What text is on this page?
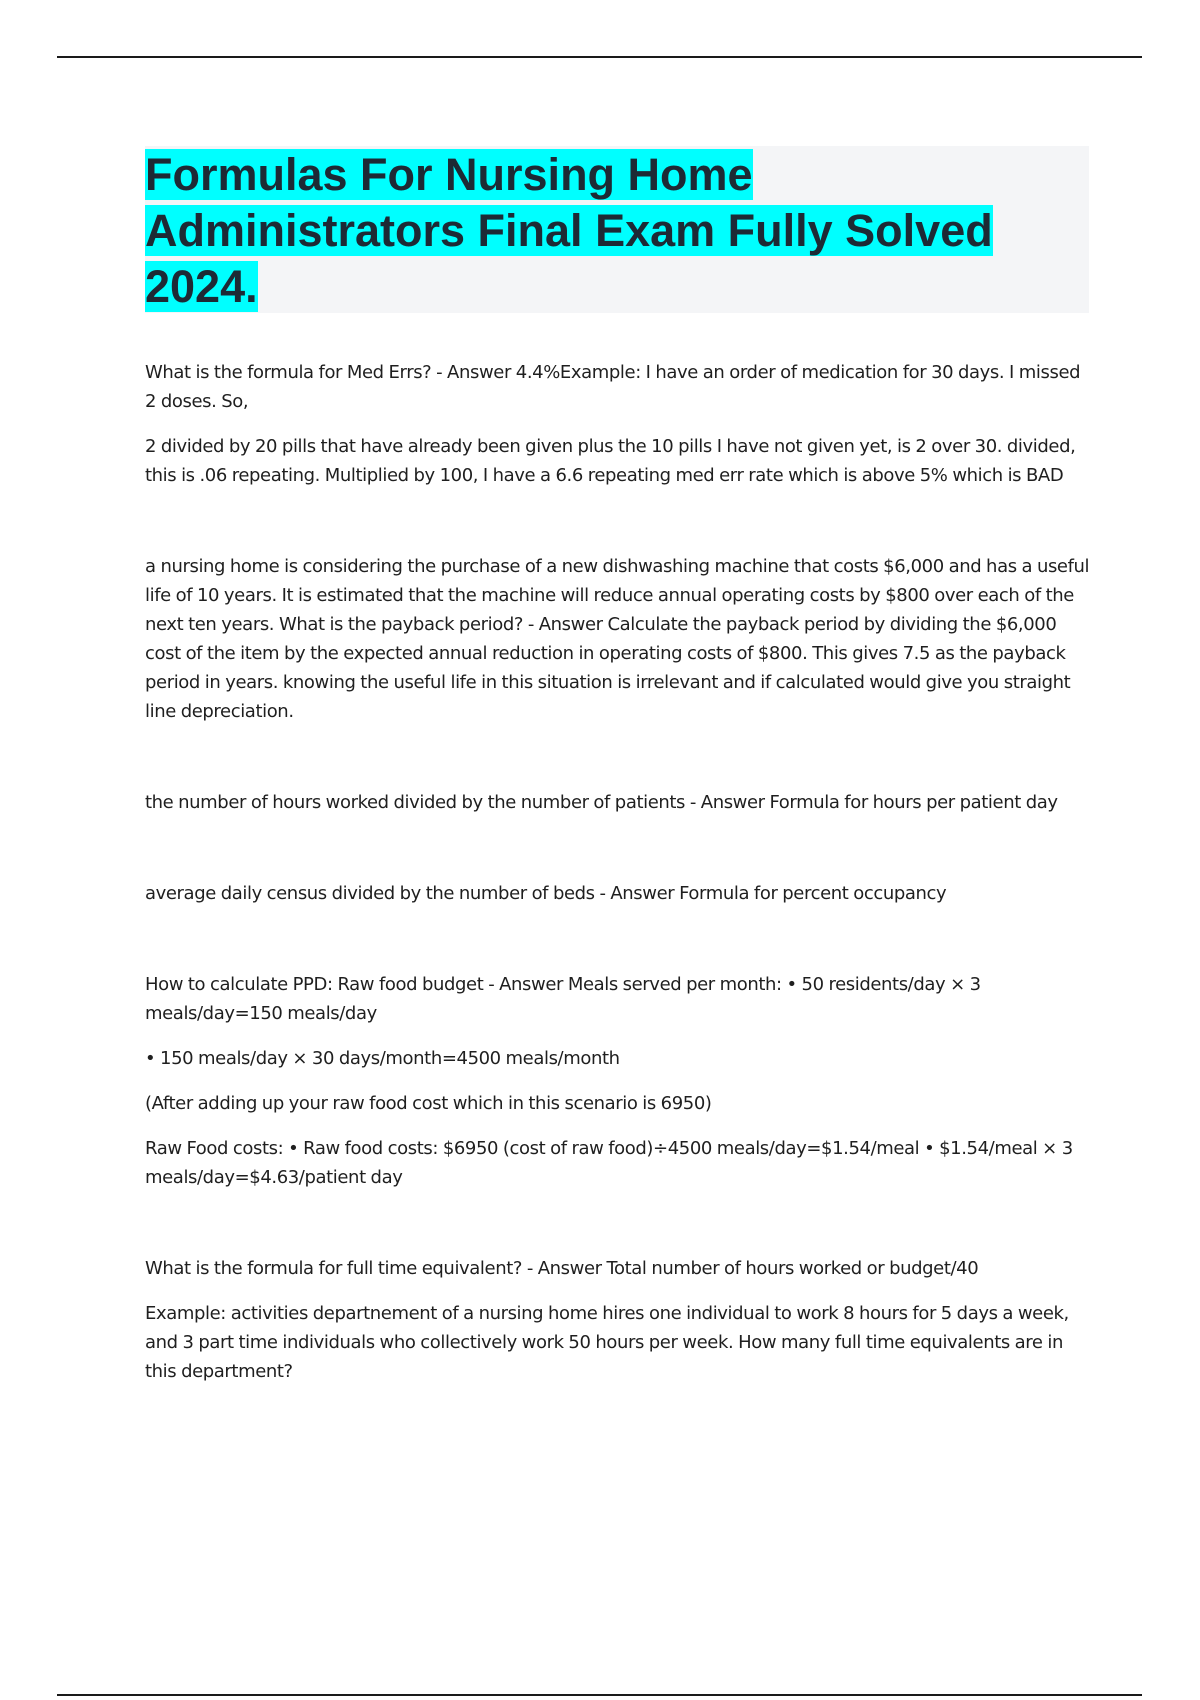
Formulas For Nursing Home
Administrators Final Exam Fully Solved
2024.

What is the formula for Med Errs? - Answer 4.4%Example: I have an order of medication for 30 days. I missed 2 doses. So,

2 divided by 20 pills that have already been given plus the 10 pills I have not given yet, is 2 over 30. divided, this is .06 repeating. Multiplied by 100, I have a 6.6 repeating med err rate which is above 5% which is BAD

a nursing home is considering the purchase of a new dishwashing machine that costs $6,000 and has a useful life of 10 years. It is estimated that the machine will reduce annual operating costs by $800 over each of the next ten years. What is the payback period? - Answer Calculate the payback period by dividing the $6,000 cost of the item by the expected annual reduction in operating costs of $800. This gives 7.5 as the payback period in years. knowing the useful life in this situation is irrelevant and if calculated would give you straight line depreciation.

the number of hours worked divided by the number of patients - Answer Formula for hours per patient day

average daily census divided by the number of beds - Answer Formula for percent occupancy

How to calculate PPD: Raw food budget - Answer Meals served per month: • 50 residents/day × 3 meals/day=150 meals/day

• 150 meals/day × 30 days/month=4500 meals/month

(After adding up your raw food cost which in this scenario is 6950)

Raw Food costs: • Raw food costs: $6950 (cost of raw food)÷4500 meals/day=$1.54/meal • $1.54/meal × 3 meals/day=$4.63/patient day

What is the formula for full time equivalent? - Answer Total number of hours worked or budget/40

Example: activities departnement of a nursing home hires one individual to work 8 hours for 5 days a week, and 3 part time individuals who collectively work 50 hours per week. How many full time equivalents are in this department?
